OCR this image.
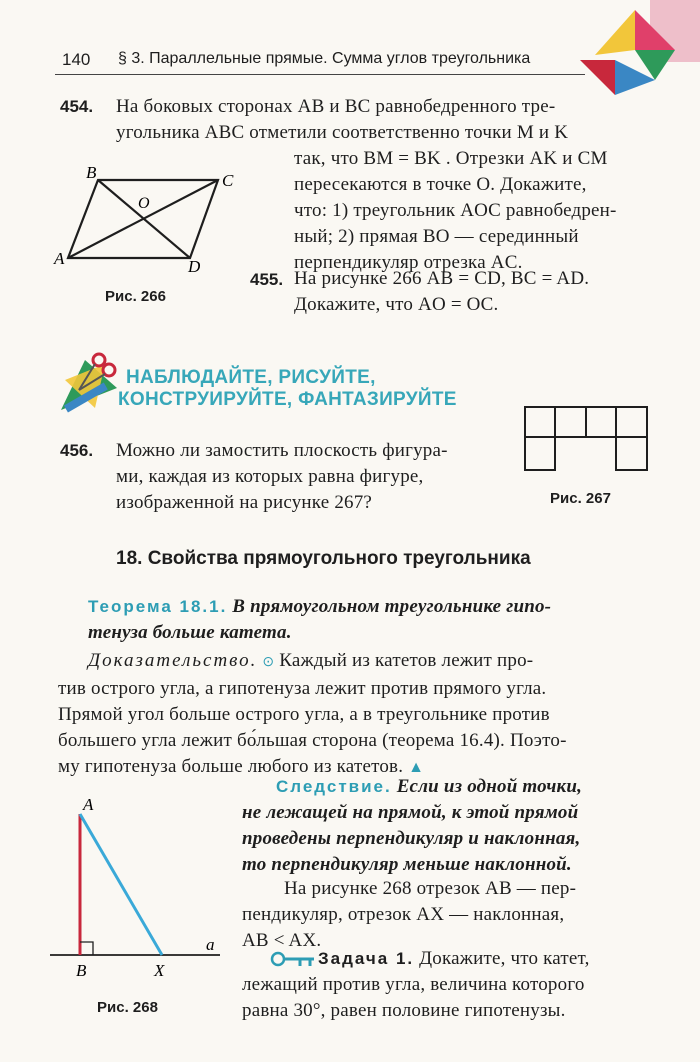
140 § 3. Параллельные прямые. Сумма углов треугольника
454. На боковых сторонах AB и BC равнобедренного тре-
угольника ABC отметили соответственно точки M и K
так, что BM = BK . Отрезки AK и CM
пересекаются в точке O. Докажите,
что: 1) треугольник AOC равнобедрен-
ный; 2) прямая BO — серединный
перпендикуляр отрезка AC.
B	C
A	D
O
Рис. 266
455. На рисунке 266 AB = CD, BC = AD.
Докажите, что AO = OC.
НАБЛЮДАЙТЕ, РИСУЙТЕ,
КОНСТРУИРУЙТЕ, ФАНТАЗИРУЙТЕ
456. Можно ли замостить плоскость фигура-
ми, каждая из которых равна фигуре,
изображенной на рисунке 267?	Рис. 267
18. Свойства прямоугольного треугольника
Теорема 18.1. В прямоугольном треугольнике гипо-
тенуза больше катета.
Доказательство. ⊙ Каждый из катетов лежит про-
тив острого угла, а гипотенуза лежит против прямого угла.
Прямой угол больше острого угла, а в треугольнике против
большего угла лежит бо́льшая сторона (теорема 16.4). Поэто-
му гипотенуза больше любого из катетов. ▲
Следствие. Если из одной точки,
не лежащей на прямой, к этой прямой
проведены перпендикуляр и наклонная,
то перпендикуляр меньше наклонной.
На рисунке 268 отрезок AB — пер-
пендикуляр, отрезок AX — наклонная,
AB < AX.
Задача 1. Докажите, что катет,
лежащий против угла, величина которого
равна 30°, равен половине гипотенузы.
A
B	X
a
Рис. 268
